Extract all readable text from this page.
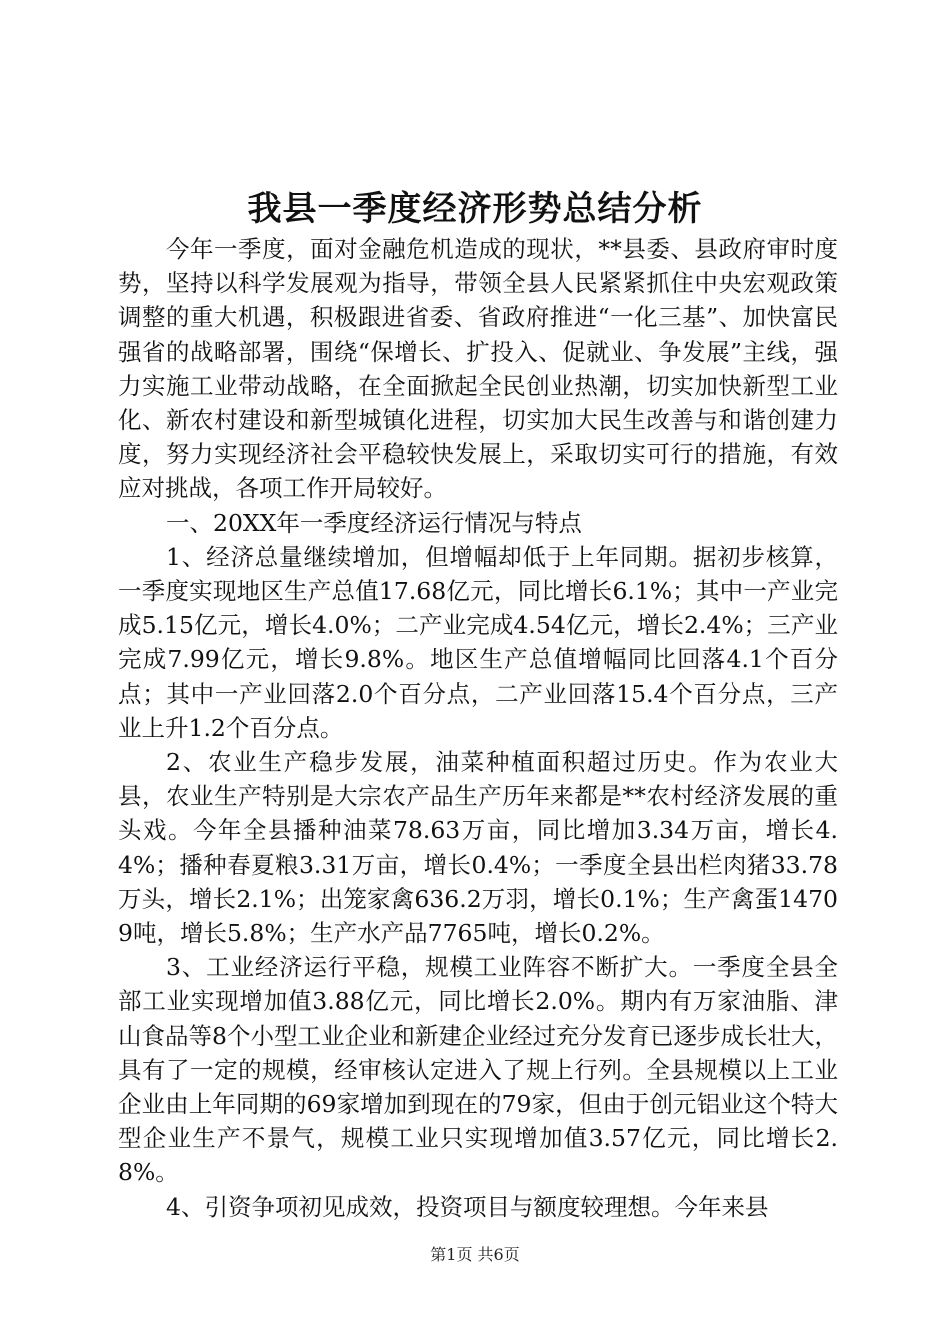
我县一季度经济形势总结分析

今年一季度，面对金融危机造成的现状，**县委、县政府审时度势，坚持以科学发展观为指导，带领全县人民紧紧抓住中央宏观政策调整的重大机遇，积极跟进省委、省政府推进“一化三基”、加快富民强省的战略部署，围绕“保增长、扩投入、促就业、争发展”主线，强力实施工业带动战略，在全面掀起全民创业热潮，切实加快新型工业化、新农村建设和新型城镇化进程，切实加大民生改善与和谐创建力度，努力实现经济社会平稳较快发展上，采取切实可行的措施，有效应对挑战，各项工作开局较好。

一、20XX年一季度经济运行情况与特点

1、经济总量继续增加，但增幅却低于上年同期。据初步核算，一季度实现地区生产总值17.68亿元，同比增长6.1%；其中一产业完成5.15亿元，增长4.0%；二产业完成4.54亿元，增长2.4%；三产业完成7.99亿元，增长9.8%。地区生产总值增幅同比回落4.1个百分点；其中一产业回落2.0个百分点，二产业回落15.4个百分点，三产业上升1.2个百分点。

2、农业生产稳步发展，油菜种植面积超过历史。作为农业大县，农业生产特别是大宗农产品生产历年来都是**农村经济发展的重头戏。今年全县播种油菜78.63万亩，同比增加3.34万亩，增长4.4%；播种春夏粮3.31万亩，增长0.4%；一季度全县出栏肉猪33.78万头，增长2.1%；出笼家禽636.2万羽，增长0.1%；生产禽蛋14709吨，增长5.8%；生产水产品7765吨，增长0.2%。

3、工业经济运行平稳，规模工业阵容不断扩大。一季度全县全部工业实现增加值3.88亿元，同比增长2.0%。期内有万家油脂、津山食品等8个小型工业企业和新建企业经过充分发育已逐步成长壮大，具有了一定的规模，经审核认定进入了规上行列。全县规模以上工业企业由上年同期的69家增加到现在的79家，但由于创元铝业这个特大型企业生产不景气，规模工业只实现增加值3.57亿元，同比增长2.8%。

4、引资争项初见成效，投资项目与额度较理想。今年来县

第1页 共6页
